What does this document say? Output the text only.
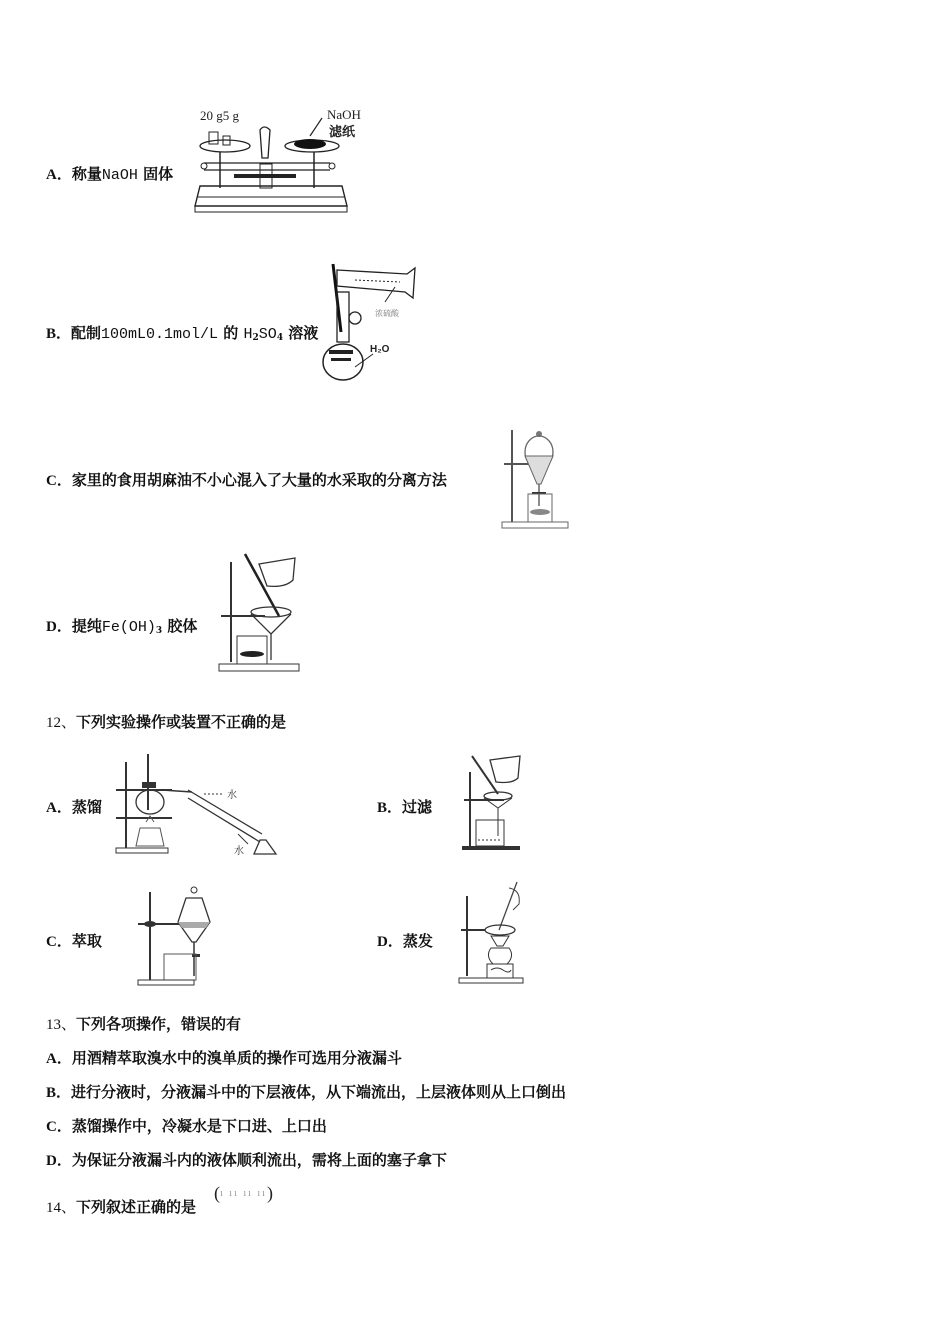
A．称量NaOH 固体
20 g5 g	NaOH
滤纸
B．配制100mL0.1mol/L 的 $H_2SO_4$ 溶液
浓硫酸
H₂O
C．家里的食用胡麻油不小心混入了大量的水采取的分离方法
D．提纯$Fe(OH)_3$ 胶体
12、下列实验操作或装置不正确的是
A．蒸馏
水
水
B．过滤
C．萃取	D．蒸发
13、下列各项操作，错误的有
A．用酒精萃取溴水中的溴单质的操作可选用分液漏斗
B．进行分液时，分液漏斗中的下层液体，从下端流出，上层液体则从上口倒出
C．蒸馏操作中，冷凝水是下口进、上口出
D．为保证分液漏斗内的液体顺利流出，需将上面的塞子拿下
14、下列叙述正确的是
(ı ıı ıı ıı)
